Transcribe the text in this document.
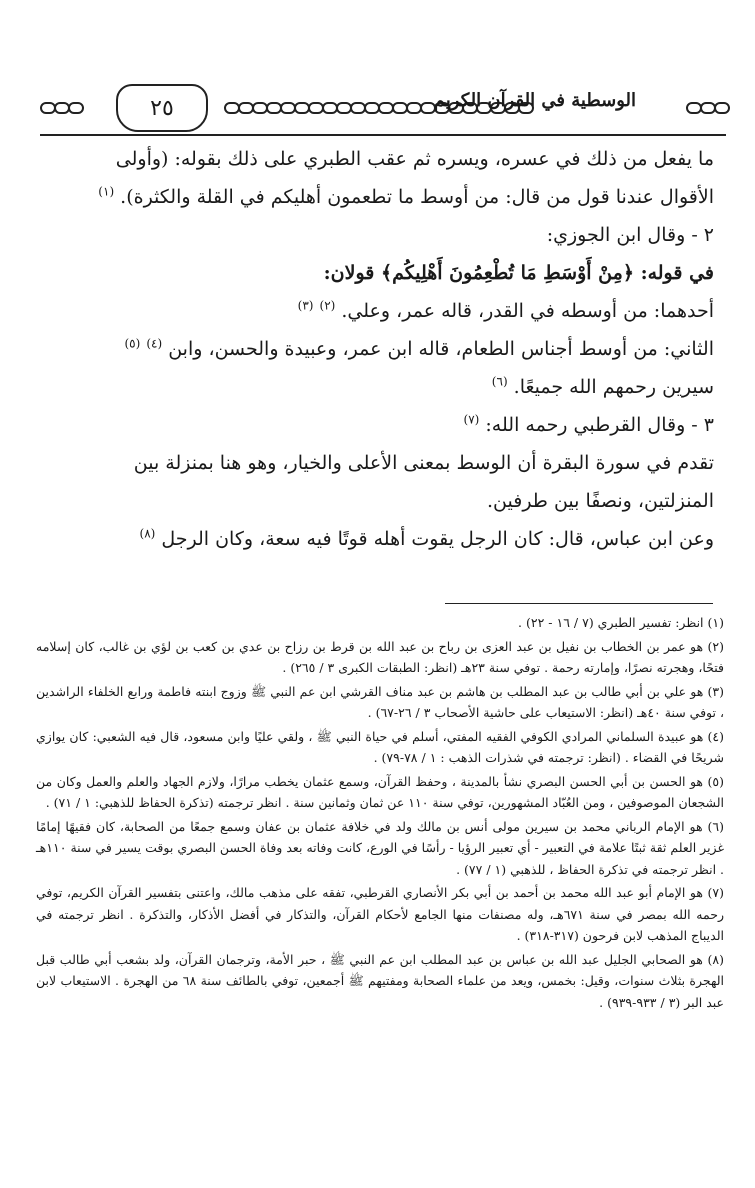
٢٥	الوسطية في القرآن الكريم

ما يفعل من ذلك في عسره، ويسره ثم عقب الطبري على ذلك بقوله: (وأولى

الأقوال عندنا قول من قال: من أوسط ما تطعمون أهليكم في القلة والكثرة). $^{(١)}$

٢ - وقال ابن الجوزي:

في قوله: ﴿مِنْ أَوْسَطِ مَا تُطْعِمُونَ أَهْلِيكُم﴾ قولان:

أحدهما: من أوسطه في القدر، قاله عمر، وعلي. $^{(٢)}$ $^{(٣)}$

الثاني: من أوسط أجناس الطعام، قاله ابن عمر، وعبيدة والحسن، وابن $^{(٤)}$ $^{(٥)}$

سيرين رحمهم الله جميعًا. $^{(٦)}$

٣ - وقال القرطبي رحمه الله: $^{(٧)}$

تقدم في سورة البقرة أن الوسط بمعنى الأعلى والخيار، وهو هنا بمنزلة بين

المنزلتين، ونصفًا بين طرفين.

وعن ابن عباس، قال: كان الرجل يقوت أهله قوتًا فيه سعة، وكان الرجل $^{(٨)}$

(١) انظر: تفسير الطبري (٧ / ١٦ - ٢٢) .

(٢) هو عمر بن الخطاب بن نفيل بن عبد العزى بن رباح بن عبد الله بن قرط بن رزاح بن عدي بن كعب بن لؤي بن غالب، كان إسلامه فتحًا، وهجرته نصرًا، وإمارته رحمة . توفي سنة ٢٣هـ (انظر: الطبقات الكبرى ٣ / ٢٦٥) .

(٣) هو علي بن أبي طالب بن عبد المطلب بن هاشم بن عبد مناف القرشي ابن عم النبي ﷺ وزوج ابنته فاطمة ورابع الخلفاء الراشدين ، توفي سنة ٤٠هـ (انظر: الاستيعاب على حاشية الأصحاب ٣ / ٢٦-٦٧) .

(٤) هو عبيدة السلماني المرادي الكوفي الفقيه المفتي، أسلم في حياة النبي ﷺ ، ولقي عليًا وابن مسعود، قال فيه الشعبي: كان يوازي شريحًا في القضاء . (انظر: ترجمته في شذرات الذهب : ١ / ٧٨-٧٩) .

(٥) هو الحسن بن أبي الحسن البصري نشأ بالمدينة ، وحفظ القرآن، وسمع عثمان يخطب مرارًا، ولازم الجهاد والعلم والعمل وكان من الشجعان الموصوفين ، ومن العُبّاد المشهورين، توفي سنة ١١٠ عن ثمان وثمانين سنة . انظر ترجمته (تذكرة الحفاظ للذهبي: ١ / ٧١) .

(٦) هو الإمام الرباني محمد بن سيرين مولى أنس بن مالك ولد في خلافة عثمان بن عفان وسمع جمعًا من الصحابة، كان فقيهًا إمامًا غزير العلم ثقة ثبتًا علامة في التعبير - أي تعبير الرؤيا - رأسًا في الورع، كانت وفاته بعد وفاة الحسن البصري بوقت يسير في سنة ١١٠هـ . انظر ترجمته في تذكرة الحفاظ ، للذهبي (١ / ٧٧) .

(٧) هو الإمام أبو عبد الله محمد بن أحمد بن أبي بكر الأنصاري القرطبي، تفقه على مذهب مالك، واعتنى بتفسير القرآن الكريم، توفي رحمه الله بمصر في سنة ٦٧١هـ، وله مصنفات منها الجامع لأحكام القرآن، والتذكار في أفضل الأذكار، والتذكرة . انظر ترجمته في الديباج المذهب لابن فرحون (٣١٧-٣١٨) .

(٨) هو الصحابي الجليل عبد الله بن عباس بن عبد المطلب ابن عم النبي ﷺ ، حبر الأمة، وترجمان القرآن، ولد بشعب أبي طالب قبل الهجرة بثلاث سنوات، وقيل: بخمس، ويعد من علماء الصحابة ومفتيهم ﷺ أجمعين، توفي بالطائف سنة ٦٨ من الهجرة . الاستيعاب لابن عبد البر (٣ / ٩٣٣-٩٣٩) .
